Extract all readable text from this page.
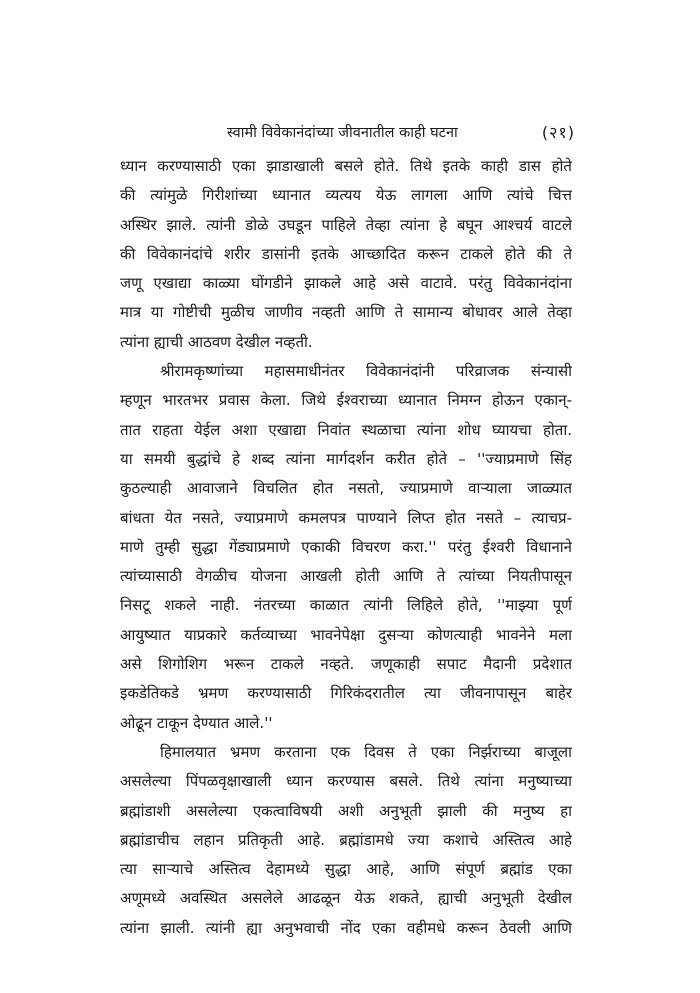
स्वामी विवेकानंदांच्या जीवनातील काही घटना	(२१)
ध्यान करण्यासाठी एका झाडाखाली बसले होते. तिथे इतके काही डास होते
की त्यांमुळे गिरीशांच्या ध्यानात व्यत्यय येऊ लागला आणि त्यांचे चित्त
अस्थिर झाले. त्यांनी डोळे उघडून पाहिले तेव्हा त्यांना हे बघून आश्चर्य वाटले
की विवेकानंदांचे शरीर डासांनी इतके आच्छादित करून टाकले होते की ते
जणू एखाद्या काळ्या घोंगडीने झाकले आहे असे वाटावे. परंतु विवेकानंदांना
मात्र या गोष्टीची मुळीच जाणीव नव्हती आणि ते सामान्य बोधावर आले तेव्हा
त्यांना ह्याची आठवण देखील नव्हती.
श्रीरामकृष्णांच्या महासमाधीनंतर विवेकानंदांनी परिव्राजक संन्यासी
म्हणून भारतभर प्रवास केला. जिथे ईश्वराच्या ध्यानात निमग्न होऊन एकान्-
तात राहता येईल अशा एखाद्या निवांत स्थळाचा त्यांना शोध घ्यायचा होता.
या समयी बुद्धांचे हे शब्द त्यांना मार्गदर्शन करीत होते – ''ज्याप्रमाणे सिंह
कुठल्याही आवाजाने विचलित होत नसतो, ज्याप्रमाणे वाऱ्याला जाळ्यात
बांधता येत नसते, ज्याप्रमाणे कमलपत्र पाण्याने लिप्त होत नसते – त्याचप्र-
माणे तुम्ही सुद्धा गेंड्याप्रमाणे एकाकी विचरण करा.'' परंतु ईश्वरी विधानाने
त्यांच्यासाठी वेगळीच योजना आखली होती आणि ते त्यांच्या नियतीपासून
निसटू शकले नाही. नंतरच्या काळात त्यांनी लिहिले होते, ''माझ्या पूर्ण
आयुष्यात याप्रकारे कर्तव्याच्या भावनेपेक्षा दुसऱ्या कोणत्याही भावनेने मला
असे शिगोशिग भरून टाकले नव्हते. जणूकाही सपाट मैदानी प्रदेशात
इकडेतिकडे भ्रमण करण्यासाठी गिरिकंदरातील त्या जीवनापासून बाहेर
ओढून टाकून देण्यात आले.''
हिमालयात भ्रमण करताना एक दिवस ते एका निर्झराच्या बाजूला
असलेल्या पिंपळवृक्षाखाली ध्यान करण्यास बसले. तिथे त्यांना मनुष्याच्या
ब्रह्मांडाशी असलेल्या एकत्वाविषयी अशी अनुभूती झाली की मनुष्य हा
ब्रह्मांडाचीच लहान प्रतिकृती आहे. ब्रह्मांडामधे ज्या कशाचे अस्तित्व आहे
त्या साऱ्याचे अस्तित्व देहामध्ये सुद्धा आहे, आणि संपूर्ण ब्रह्मांड एका
अणूमध्ये अवस्थित असलेले आढळून येऊ शकते, ह्याची अनुभूती देखील
त्यांना झाली. त्यांनी ह्या अनुभवाची नोंद एका वहीमधे करून ठेवली आणि
